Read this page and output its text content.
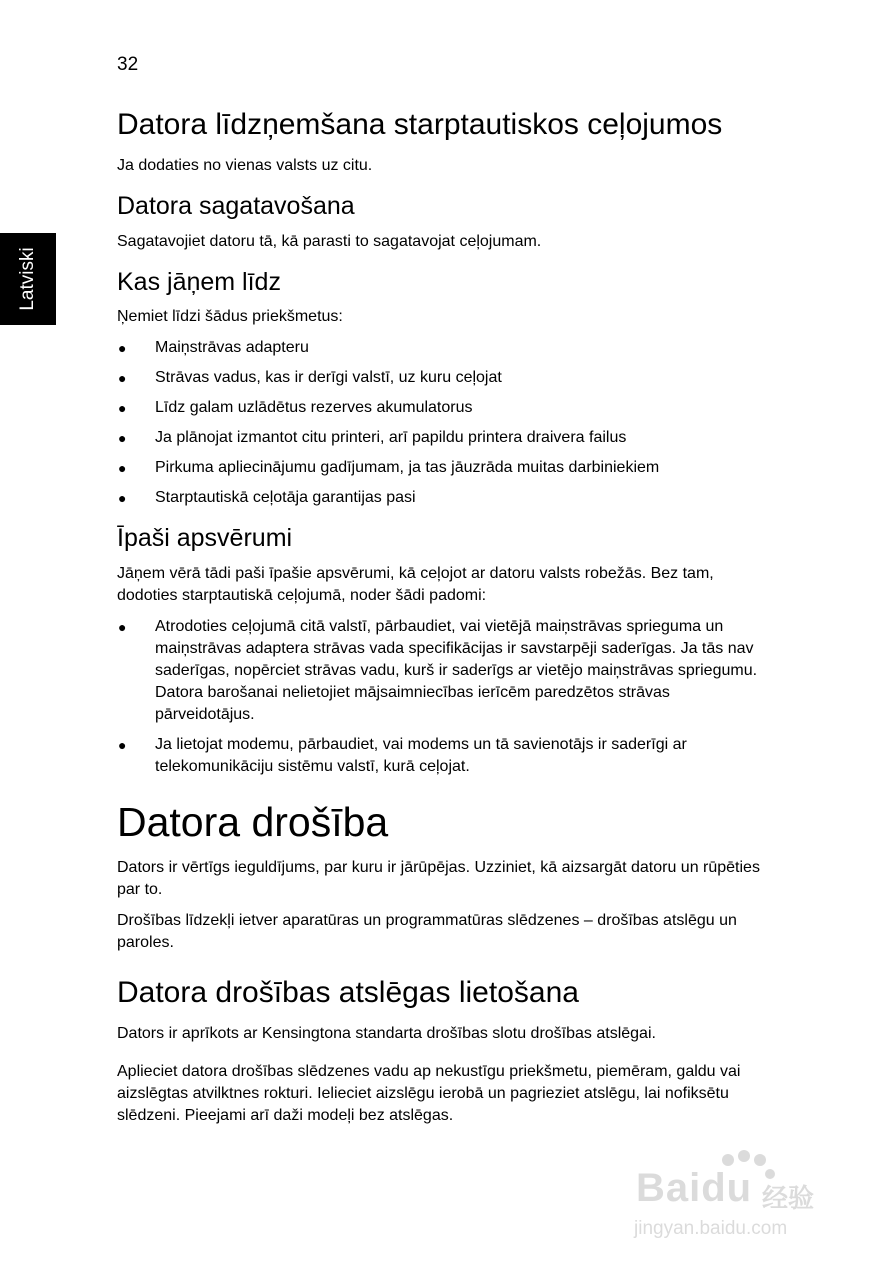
32
Latviski
Datora līdzņemšana starptautiskos ceļojumos

Ja dodaties no vienas valsts uz citu.

Datora sagatavošana

Sagatavojiet datoru tā, kā parasti to sagatavojat ceļojumam.

Kas jāņem līdz

Ņemiet līdzi šādus priekšmetus:

● Maiņstrāvas adapteru
● Strāvas vadus, kas ir derīgi valstī, uz kuru ceļojat
● Līdz galam uzlādētus rezerves akumulatorus
● Ja plānojat izmantot citu printeri, arī papildu printera draivera failus
● Pirkuma apliecinājumu gadījumam, ja tas jāuzrāda muitas darbiniekiem
● Starptautiskā ceļotāja garantijas pasi
Īpaši apsvērumi

Jāņem vērā tādi paši īpašie apsvērumi, kā ceļojot ar datoru valsts robežās. Bez tam, dodoties starptautiskā ceļojumā, noder šādi padomi:

● Atrodoties ceļojumā citā valstī, pārbaudiet, vai vietējā maiņstrāvas sprieguma un maiņstrāvas adaptera strāvas vada specifikācijas ir savstarpēji saderīgas. Ja tās nav saderīgas, nopērciet strāvas vadu, kurš ir saderīgs ar vietējo maiņstrāvas spriegumu. Datora barošanai nelietojiet mājsaimniecības ierīcēm paredzētos strāvas pārveidotājus.
● Ja lietojat modemu, pārbaudiet, vai modems un tā savienotājs ir saderīgi ar telekomunikāciju sistēmu valstī, kurā ceļojat.
Datora drošība

Dators ir vērtīgs ieguldījums, par kuru ir jārūpējas. Uzziniet, kā aizsargāt datoru un rūpēties par to.

Drošības līdzekļi ietver aparatūras un programmatūras slēdzenes – drošības atslēgu un paroles.

Datora drošības atslēgas lietošana

Dators ir aprīkots ar Kensingtona standarta drošības slotu drošības atslēgai.

Aplieciet datora drošības slēdzenes vadu ap nekustīgu priekšmetu, piemēram, galdu vai aizslēgtas atvilktnes rokturi. Ielieciet aizslēgu ierobā un pagrieziet atslēgu, lai nofiksētu slēdzeni. Pieejami arī daži modeļi bez atslēgas.

Baidu 经验
jingyan.baidu.com
